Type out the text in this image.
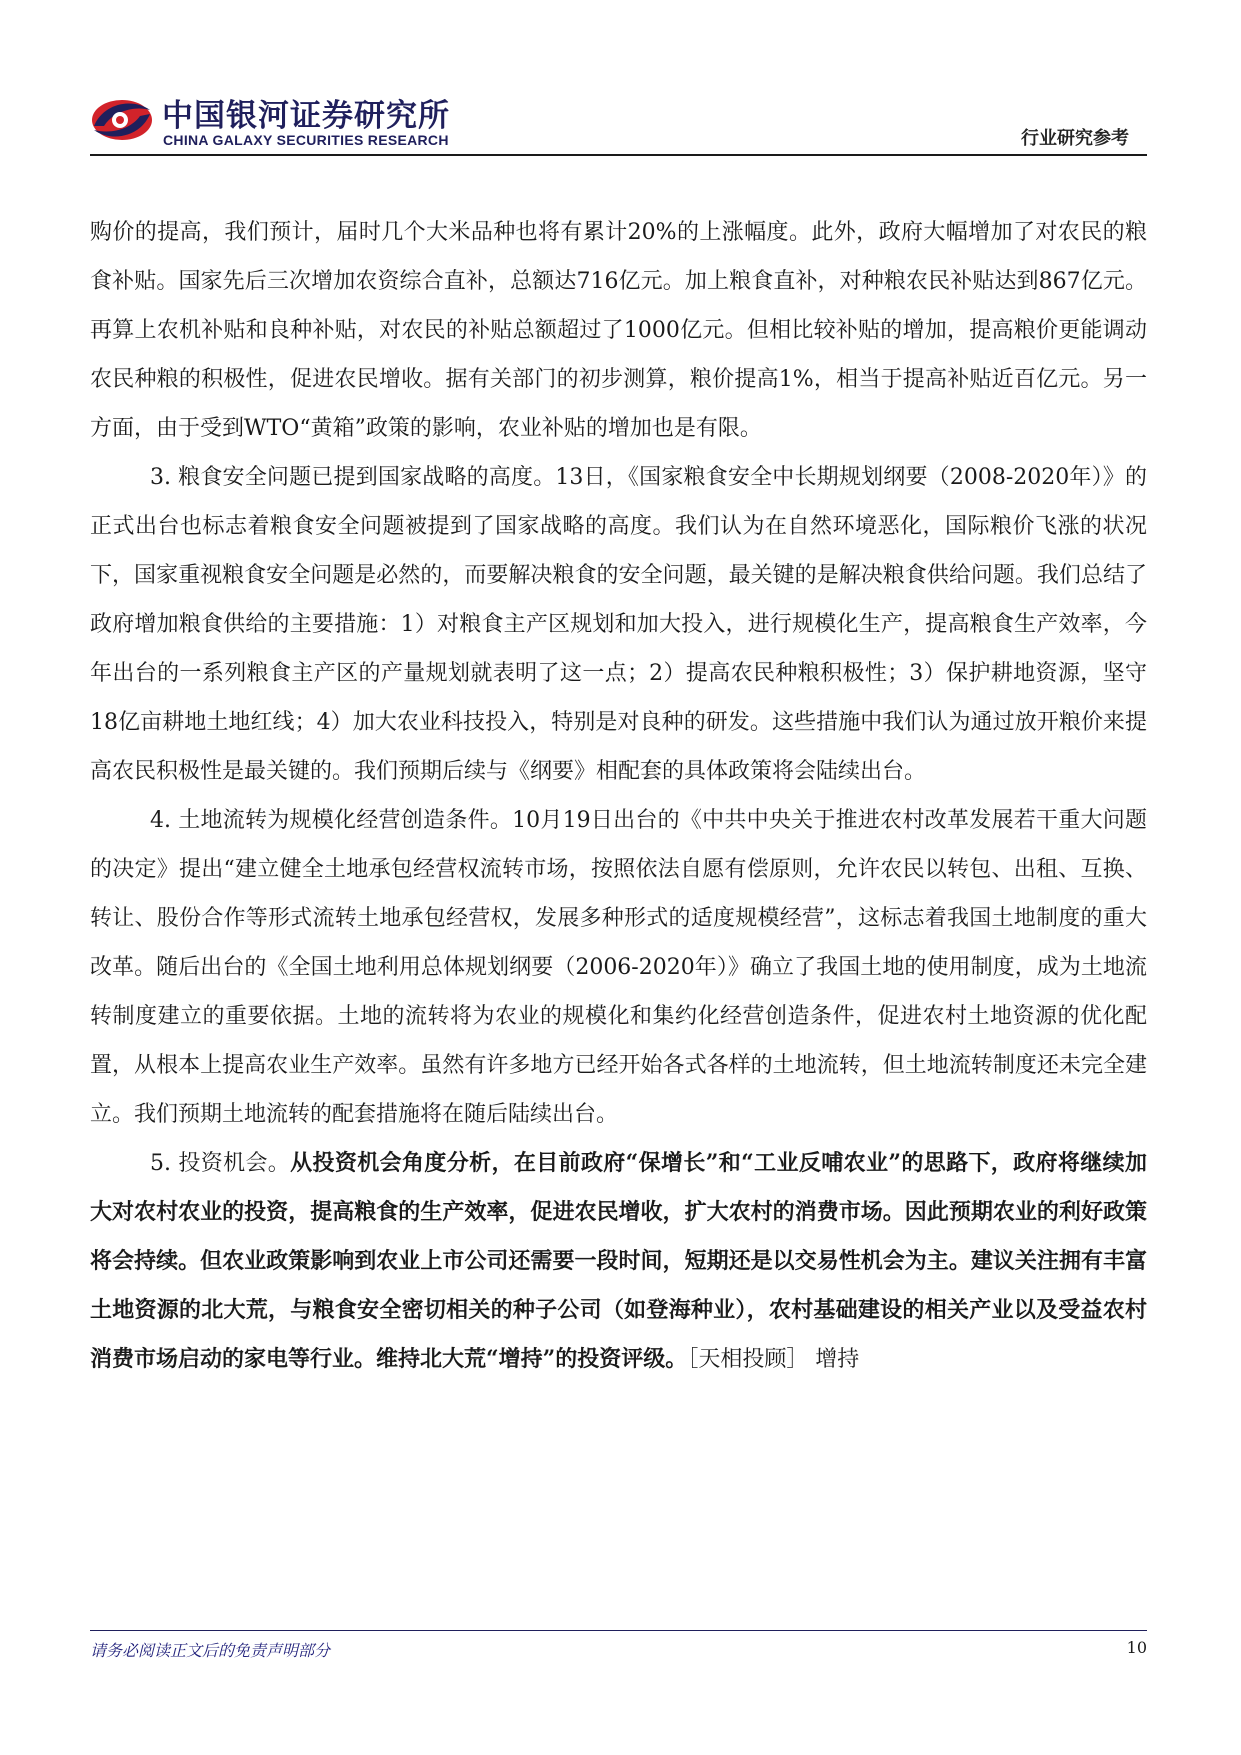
中国银河证券研究所
CHINA GALAXY SECURITIES RESEARCH	行业研究参考

购价的提高，我们预计，届时几个大米品种也将有累计20%的上涨幅度。此外，政府大幅增加了对农民的粮食补贴。国家先后三次增加农资综合直补，总额达716亿元。加上粮食直补，对种粮农民补贴达到867亿元。再算上农机补贴和良种补贴，对农民的补贴总额超过了1000亿元。但相比较补贴的增加，提高粮价更能调动农民种粮的积极性，促进农民增收。据有关部门的初步测算，粮价提高1%，相当于提高补贴近百亿元。另一方面，由于受到WTO“黄箱”政策的影响，农业补贴的增加也是有限。

3. 粮食安全问题已提到国家战略的高度。13日，《国家粮食安全中长期规划纲要（2008-2020年）》的正式出台也标志着粮食安全问题被提到了国家战略的高度。我们认为在自然环境恶化，国际粮价飞涨的状况下，国家重视粮食安全问题是必然的，而要解决粮食的安全问题，最关键的是解决粮食供给问题。我们总结了政府增加粮食供给的主要措施：1）对粮食主产区规划和加大投入，进行规模化生产，提高粮食生产效率，今年出台的一系列粮食主产区的产量规划就表明了这一点；2）提高农民种粮积极性；3）保护耕地资源，坚守18亿亩耕地土地红线；4）加大农业科技投入，特别是对良种的研发。这些措施中我们认为通过放开粮价来提高农民积极性是最关键的。我们预期后续与《纲要》相配套的具体政策将会陆续出台。

4. 土地流转为规模化经营创造条件。10月19日出台的《中共中央关于推进农村改革发展若干重大问题的决定》提出“建立健全土地承包经营权流转市场，按照依法自愿有偿原则，允许农民以转包、出租、互换、转让、股份合作等形式流转土地承包经营权，发展多种形式的适度规模经营”，这标志着我国土地制度的重大改革。随后出台的《全国土地利用总体规划纲要（2006-2020年）》确立了我国土地的使用制度，成为土地流转制度建立的重要依据。土地的流转将为农业的规模化和集约化经营创造条件，促进农村土地资源的优化配置，从根本上提高农业生产效率。虽然有许多地方已经开始各式各样的土地流转，但土地流转制度还未完全建立。我们预期土地流转的配套措施将在随后陆续出台。

5. 投资机会。从投资机会角度分析，在目前政府“保增长”和“工业反哺农业”的思路下，政府将继续加大对农村农业的投资，提高粮食的生产效率，促进农民增收，扩大农村的消费市场。因此预期农业的利好政策将会持续。但农业政策影响到农业上市公司还需要一段时间，短期还是以交易性机会为主。建议关注拥有丰富土地资源的北大荒，与粮食安全密切相关的种子公司（如登海种业），农村基础建设的相关产业以及受益农村消费市场启动的家电等行业。维持北大荒“增持”的投资评级。［天相投顾］ 增持

请务必阅读正文后的免责声明部分	10
